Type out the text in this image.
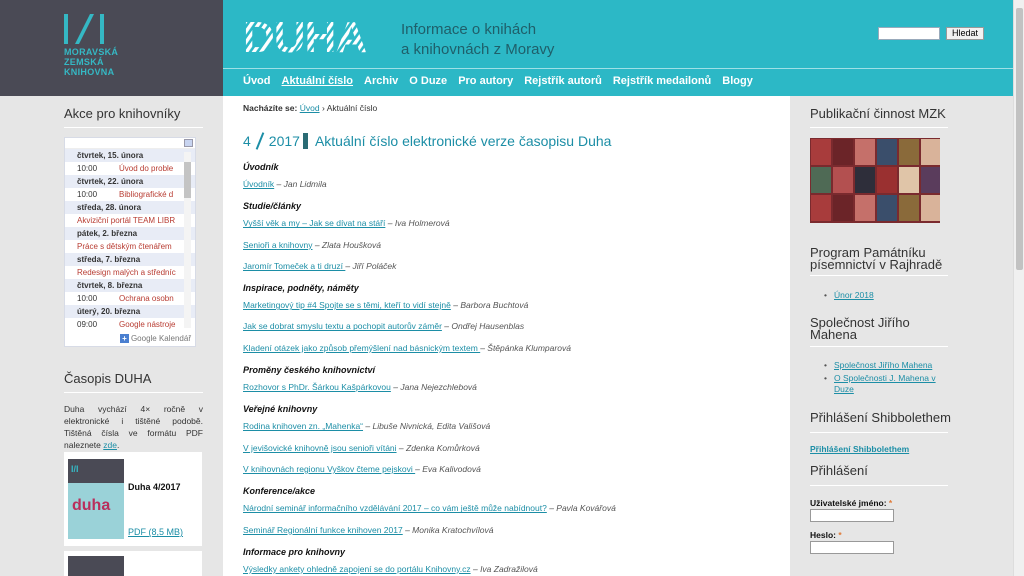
MORAVSKÁ ZEMSKÁ KNIHOVNA
DUHA Informace o knihách
a knihovnách z Moravy
Hledat
Úvod Aktuální číslo Archiv O Duze Pro autory Rejstřík autorů Rejstřík medailonů Blogy
Akce pro knihovníky
čtvrtek, 15. února
10:00	Úvod do proble
čtvrtek, 22. února
10:00	Bibliografické d
středa, 28. února
Akviziční portál TEAM LIBR
pátek, 2. března
Práce s dětským čtenářem
středa, 7. března
Redesign malých a středníc
čtvrtek, 8. března
10:00	Ochrana osobn
úterý, 20. března
09:00	Google nástroje
+ Google Kalendář
Časopis DUHA
Duha vychází 4× ročně v elektronické i tištěné podobě. Tištěná čísla ve formátu PDF naleznete zde.
I/I
duha
Duha 4/2017
PDF (8,5 MB)
Nacházíte se: Úvod › Aktuální číslo
4 2017 Aktuální číslo elektronické verze časopisu Duha
Úvodník
Úvodník – Jan Lidmila
Studie/články
Vyšší věk a my – Jak se dívat na stáří – Iva Holmerová
Senioři a knihovny – Zlata Houšková
Jaromír Tomeček a ti druzí – Jiří Poláček
Inspirace, podněty, náměty
Marketingový tip #4 Spojte se s těmi, kteří to vidí stejně – Barbora Buchtová
Jak se dobrat smyslu textu a pochopit autorův záměr – Ondřej Hausenblas
Kladení otázek jako způsob přemýšlení nad básnickým textem – Štěpánka Klumparová
Proměny českého knihovnictví
Rozhovor s PhDr. Šárkou Kašpárkovou – Jana Nejezchlebová
Veřejné knihovny
Rodina knihoven zn. „Mahenka“ – Libuše Nivnická, Edita Vališová
V jevišovické knihovně jsou senioři vítáni – Zdenka Komůrková
V knihovnách regionu Vyškov čteme pejskovi – Eva Kalivodová
Konference/akce
Národní seminář informačního vzdělávání 2017 – co vám ještě může nabídnout? – Pavla Kovářová
Seminář Regionální funkce knihoven 2017 – Monika Kratochvílová
Informace pro knihovny
Výsledky ankety ohledně zapojení se do portálu Knihovny.cz – Iva Zadražilová
Publikační činnost MZK
Program Památníku písemnictví v Rajhradě
• Únor 2018
Společnost Jiřího Mahena
• Společnost Jiřího Mahena
• O Společnosti J. Mahena v Duze
Přihlášení Shibbolethem
Přihlášení Shibbolethem
Přihlášení
Uživatelské jméno: *
Heslo: *
